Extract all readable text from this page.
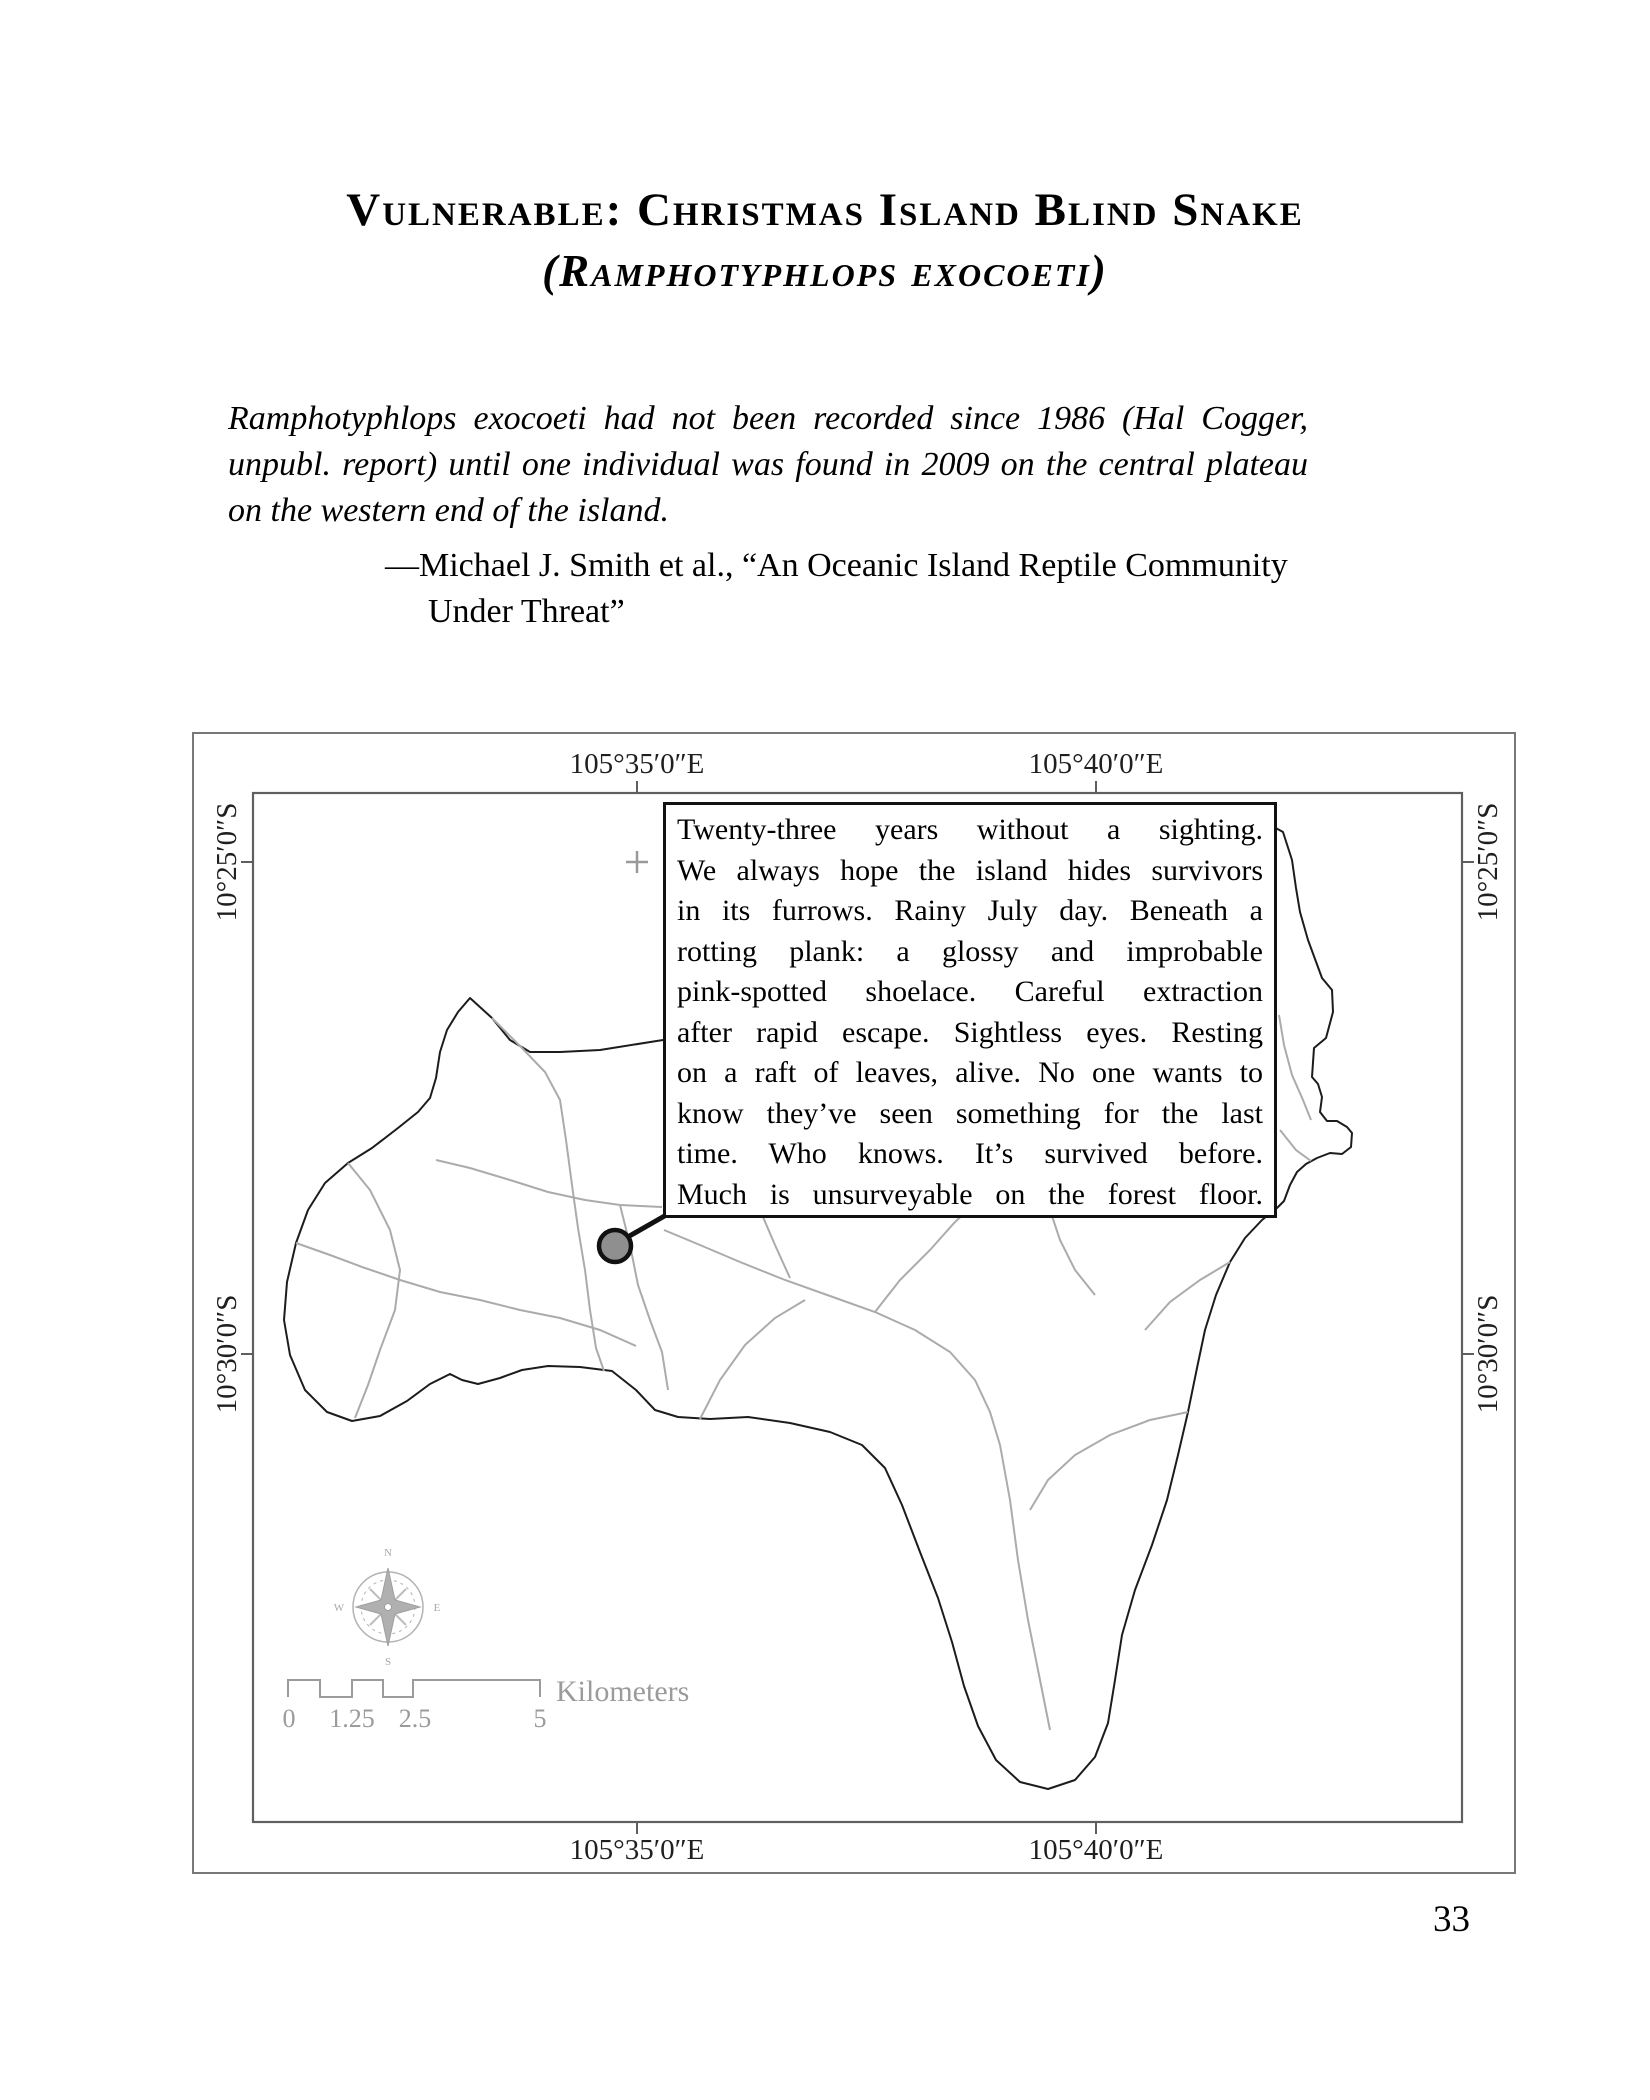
Vulnerable: Christmas Island Blind Snake
(Ramphotyphlops exocoeti)
Ramphotyphlops exocoeti had not been recorded since 1986 (Hal Cogger,
unpubl. report) until one individual was found in 2009 on the central plateau
on the western end of the island.
—Michael J. Smith et al., “An Oceanic Island Reptile Community
Under Threat”
N
E
S
W
105°35′0″E	105°40′0″E
105°35′0″E	105°40′0″E
10°25′0″S
10°30′0″S
10°25′0″S
10°30′0″S
Twenty-three years without a sighting.
We always hope the island hides survivors
in its furrows. Rainy July day. Beneath a
rotting plank: a glossy and improbable
pink-spotted shoelace. Careful extraction
after rapid escape. Sightless eyes. Resting
on a raft of leaves, alive. No one wants to
know they’ve seen something for the last
time. Who knows. It’s survived before.
Much is unsurveyable on the forest floor.
0	1.25 2.5	5
Kilometers
33
